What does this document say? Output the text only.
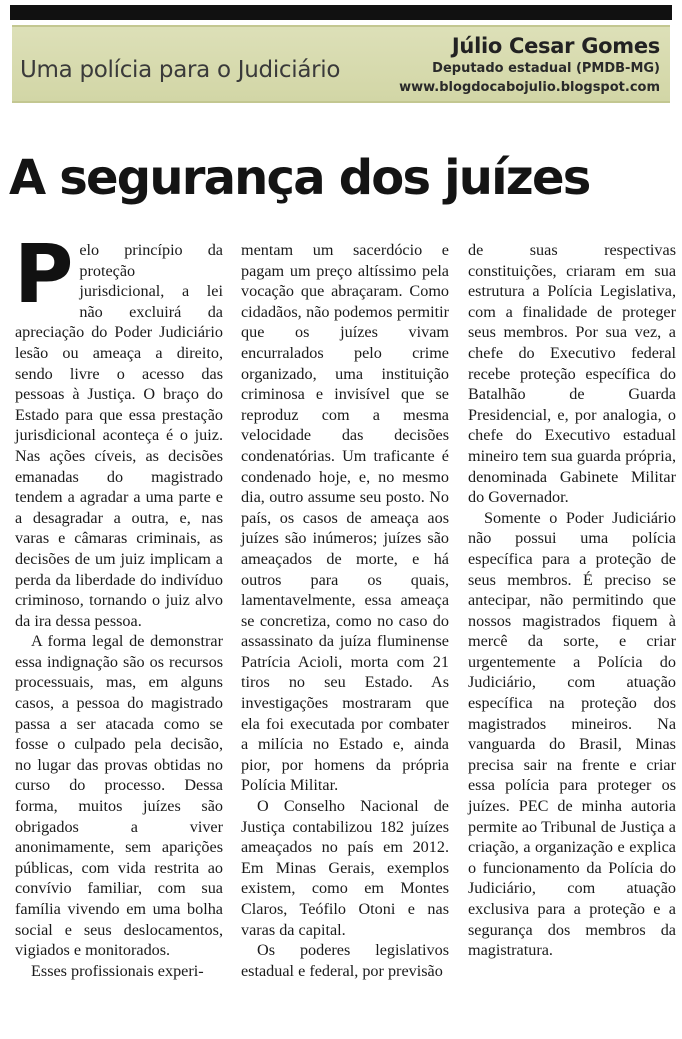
Uma polícia para o Judiciário
Júlio Cesar Gomes
Deputado estadual (PMDB-MG)
www.blogdocabojulio.blogspot.com
A segurança dos juízes

Pelo princípio da proteção jurisdicional, a lei não excluirá da apreciação do Poder Judiciário lesão ou ameaça a direito, sendo livre o acesso das pessoas à Justiça. O braço do Estado para que essa prestação jurisdicional aconteça é o juiz. Nas ações cíveis, as decisões emanadas do magistrado tendem a agradar a uma parte e a desagradar a outra, e, nas varas e câmaras criminais, as decisões de um juiz implicam a perda da liberdade do indivíduo criminoso, tornando o juiz alvo da ira dessa pessoa.

A forma legal de demonstrar essa indignação são os recursos processuais, mas, em alguns casos, a pessoa do magistrado passa a ser atacada como se fosse o culpado pela decisão, no lugar das provas obtidas no curso do processo. Dessa forma, muitos juízes são obrigados a viver anonimamente, sem aparições públicas, com vida restrita ao convívio familiar, com sua família vivendo em uma bolha social e seus deslocamentos, vigiados e monitorados.

Esses profissionais experi-

mentam um sacerdócio e pagam um preço altíssimo pela vocação que abraçaram. Como cidadãos, não podemos permitir que os juízes vivam encurralados pelo crime organizado, uma instituição criminosa e invisível que se reproduz com a mesma velocidade das decisões condenatórias. Um traficante é condenado hoje, e, no mesmo dia, outro assume seu posto. No país, os casos de ameaça aos juízes são inúmeros; juízes são ameaçados de morte, e há outros para os quais, lamentavelmente, essa ameaça se concretiza, como no caso do assassinato da juíza fluminense Patrícia Acioli, morta com 21 tiros no seu Estado. As investigações mostraram que ela foi executada por combater a milícia no Estado e, ainda pior, por homens da própria Polícia Militar.

O Conselho Nacional de Justiça contabilizou 182 juízes ameaçados no país em 2012. Em Minas Gerais, exemplos existem, como em Montes Claros, Teófilo Otoni e nas varas da capital.

Os poderes legislativos estadual e federal, por previsão

de suas respectivas constituições, criaram em sua estrutura a Polícia Legislativa, com a finalidade de proteger seus membros. Por sua vez, a chefe do Executivo federal recebe proteção específica do Batalhão de Guarda Presidencial, e, por analogia, o chefe do Executivo estadual mineiro tem sua guarda própria, denominada Gabinete Militar do Governador.

Somente o Poder Judiciário não possui uma polícia específica para a proteção de seus membros. É preciso se antecipar, não permitindo que nossos magistrados fiquem à mercê da sorte, e criar urgentemente a Polícia do Judiciário, com atuação específica na proteção dos magistrados mineiros. Na vanguarda do Brasil, Minas precisa sair na frente e criar essa polícia para proteger os juízes. PEC de minha autoria permite ao Tribunal de Justiça a criação, a organização e explica o funcionamento da Polícia do Judiciário, com atuação exclusiva para a proteção e a segurança dos membros da magistratura.
